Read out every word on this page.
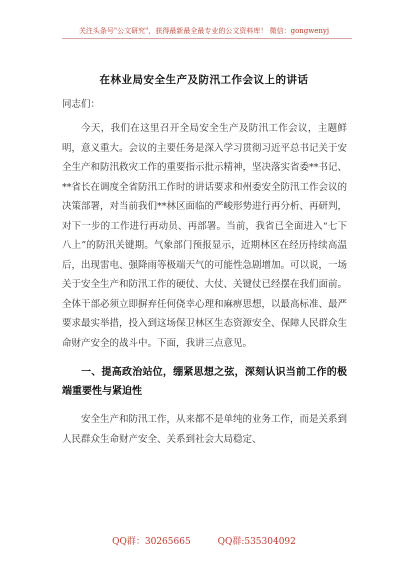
关注头条号"公文研究"，获得最新最全最专业的公文资料库！ 微信：gongwenyj
在林业局安全生产及防汛工作会议上的讲话
同志们：

今天，我们在这里召开全局安全生产及防汛工作会议，主题鲜明，意义重大。会议的主要任务是深入学习贯彻习近平总书记关于安全生产和防汛救灾工作的重要指示批示精神，坚决落实省委**书记、**省长在调度全省防汛工作时的讲话要求和州委安全防汛工作会议的决策部署，对当前我们**林区面临的严峻形势进行再分析、再研判，对下一步的工作进行再动员、再部署。当前，我省已全面进入“七下八上”的防汛关键期。气象部门预报显示，近期林区在经历持续高温后，出现雷电、强降雨等极端天气的可能性急剧增加。可以说，一场关于安全生产和防汛工作的硬仗、大仗、关键仗已经摆在我们面前。全体干部必须立即摒弃任何侥幸心理和麻痹思想，以最高标准、最严要求最实举措，投入到这场保卫林区生态资源安全、保障人民群众生命财产安全的战斗中。下面，我讲三点意见。

一、提高政治站位，绷紧思想之弦，深刻认识当前工作的极端重要性与紧迫性

安全生产和防汛工作，从来都不是单纯的业务工作，而是关系到人民群众生命财产安全、关系到社会大局稳定、

QQ群：30265665	QQ群:535304092
